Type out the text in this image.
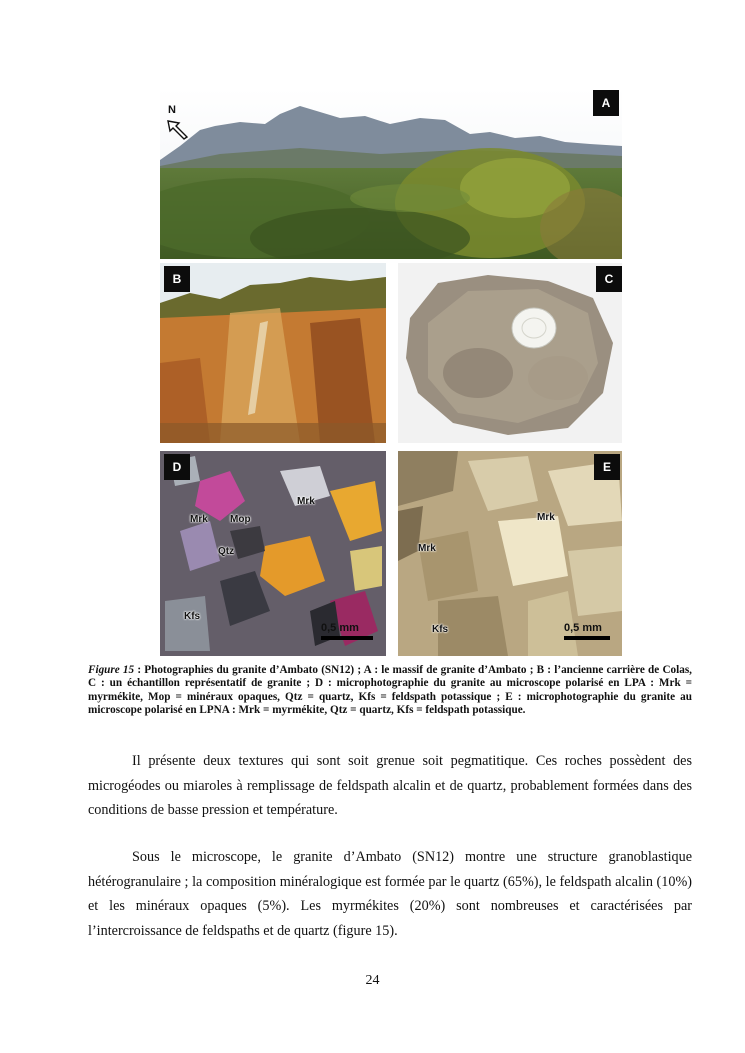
A
N
B	C
D
Mrk
Mrk Mop
Qtz
Kfs
0,5 mm
E
Mrk
Mrk
Kfs	0,5 mm
Figure 15 : Photographies du granite d’Ambato (SN12) ; A : le massif de granite d’Ambato ; B : l’ancienne carrière de Colas, C : un échantillon représentatif de granite ; D : microphotographie du granite au microscope polarisé en LPA : Mrk = myrmékite, Mop = minéraux opaques, Qtz = quartz, Kfs = feldspath potassique ; E : microphotographie du granite au microscope polarisé en LPNA : Mrk = myrmékite, Qtz = quartz, Kfs = feldspath potassique.

Il présente deux textures qui sont soit grenue soit pegmatitique. Ces roches possèdent des microgéodes ou miaroles à remplissage de feldspath alcalin et de quartz, probablement formées dans des conditions de basse pression et température.

Sous le microscope, le granite d’Ambato (SN12) montre une structure granoblastique hétérogranulaire ; la composition minéralogique est formée par le quartz (65%), le feldspath alcalin (10%) et les minéraux opaques (5%). Les myrmékites (20%) sont nombreuses et caractérisées par l’intercroissance de feldspaths et de quartz (figure 15).

24
